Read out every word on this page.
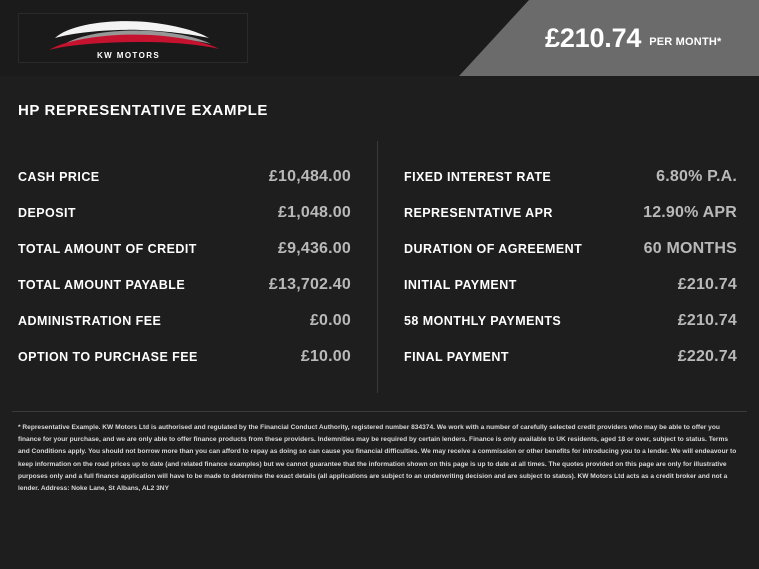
KW MOTORS
£210.74 PER MONTH*
HP REPRESENTATIVE EXAMPLE
CASH PRICE	£10,484.00
DEPOSIT	£1,048.00
TOTAL AMOUNT OF CREDIT	£9,436.00
TOTAL AMOUNT PAYABLE	£13,702.40
ADMINISTRATION FEE	£0.00
OPTION TO PURCHASE FEE	£10.00
FIXED INTEREST RATE	6.80% P.A.
REPRESENTATIVE APR	12.90% APR
DURATION OF AGREEMENT	60 MONTHS
INITIAL PAYMENT	£210.74
58 MONTHLY PAYMENTS	£210.74
FINAL PAYMENT	£220.74
* Representative Example. KW Motors Ltd is authorised and regulated by the Financial Conduct Authority, registered number 834374. We work with a number of carefully selected credit providers who may be able to offer you finance for your purchase, and we are only able to offer finance products from these providers. Indemnities may be required by certain lenders. Finance is only available to UK residents, aged 18 or over, subject to status. Terms and Conditions apply. You should not borrow more than you can afford to repay as doing so can cause you financial difficulties. We may receive a commission or other benefits for introducing you to a lender. We will endeavour to keep information on the road prices up to date (and related finance examples) but we cannot guarantee that the information shown on this page is up to date at all times. The quotes provided on this page are only for illustrative purposes only and a full finance application will have to be made to determine the exact details (all applications are subject to an underwriting decision and are subject to status). KW Motors Ltd acts as a credit broker and not a lender. Address: Noke Lane, St Albans, AL2 3NY
